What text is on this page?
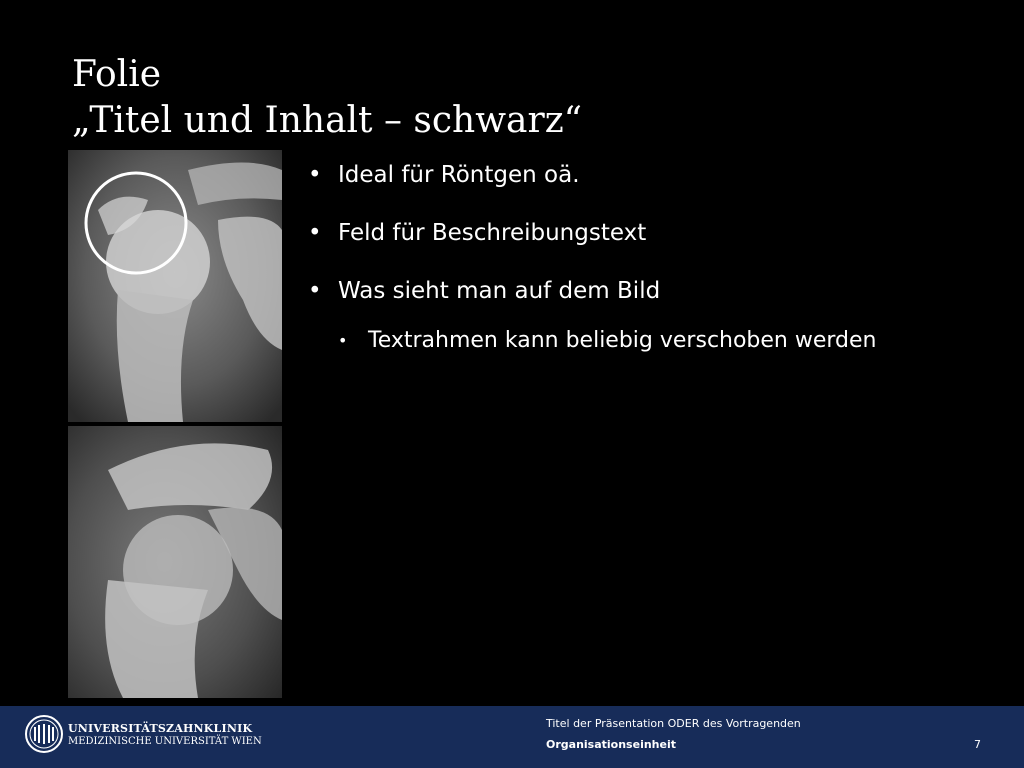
Folie
„Titel und Inhalt – schwarz“
• Ideal für Röntgen oä.
• Feld für Beschreibungstext
• Was sieht man auf dem Bild
• Textrahmen kann beliebig verschoben werden
UNIVERSITÄTSZAHNKLINIK
MEDIZINISCHE UNIVERSITÄT WIEN
Titel der Präsentation ODER des Vortragenden
Organisationseinheit	7
